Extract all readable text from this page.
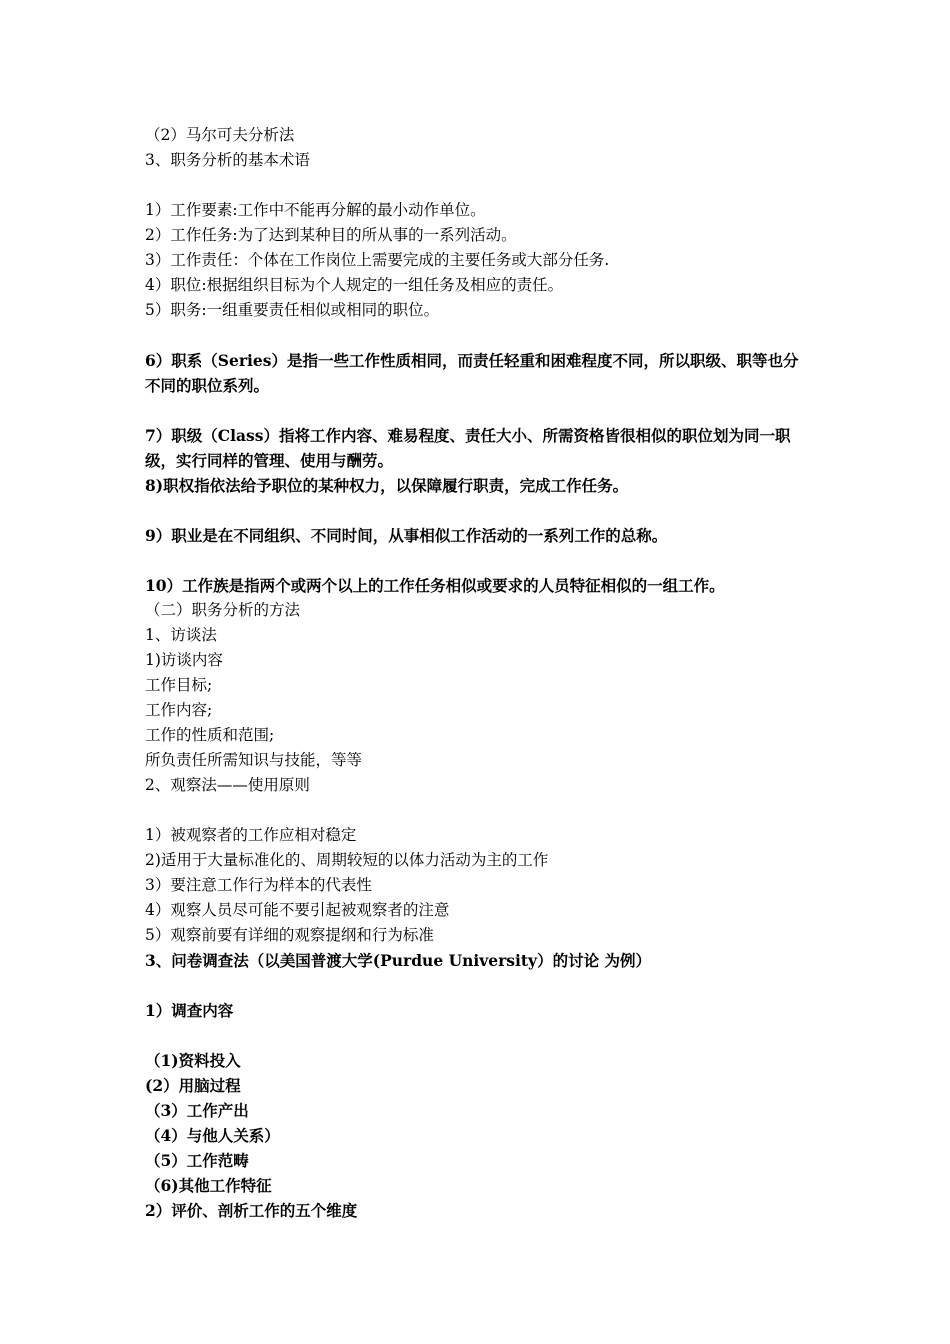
（2）马尔可夫分析法
3、职务分析的基本术语
1）工作要素:工作中不能再分解的最小动作单位。
2）工作任务:为了达到某种目的所从事的一系列活动。
3）工作责任：个体在工作岗位上需要完成的主要任务或大部分任务.
4）职位:根据组织目标为个人规定的一组任务及相应的责任。
5）职务:一组重要责任相似或相同的职位。
6）职系（Series）是指一些工作性质相同，而责任轻重和困难程度不同，所以职级、职等也分不同的职位系列。
7）职级（Class）指将工作内容、难易程度、责任大小、所需资格皆很相似的职位划为同一职级，实行同样的管理、使用与酬劳。
8)职权指依法给予职位的某种权力，以保障履行职责，完成工作任务。
9）职业是在不同组织、不同时间，从事相似工作活动的一系列工作的总称。
10）工作族是指两个或两个以上的工作任务相似或要求的人员特征相似的一组工作。
（二）职务分析的方法
1、访谈法
1)访谈内容
工作目标;
工作内容;
工作的性质和范围;
所负责任所需知识与技能，等等
2、观察法——使用原则
1）被观察者的工作应相对稳定
2)适用于大量标准化的、周期较短的以体力活动为主的工作
3）要注意工作行为样本的代表性
4）观察人员尽可能不要引起被观察者的注意
5）观察前要有详细的观察提纲和行为标准
3、问卷调查法（以美国普渡大学(Purdue University）的讨论 为例）
1）调查内容
（1)资料投入
(2）用脑过程
（3）工作产出
（4）与他人关系）
（5）工作范畴
（6)其他工作特征
2）评价、剖析工作的五个维度
